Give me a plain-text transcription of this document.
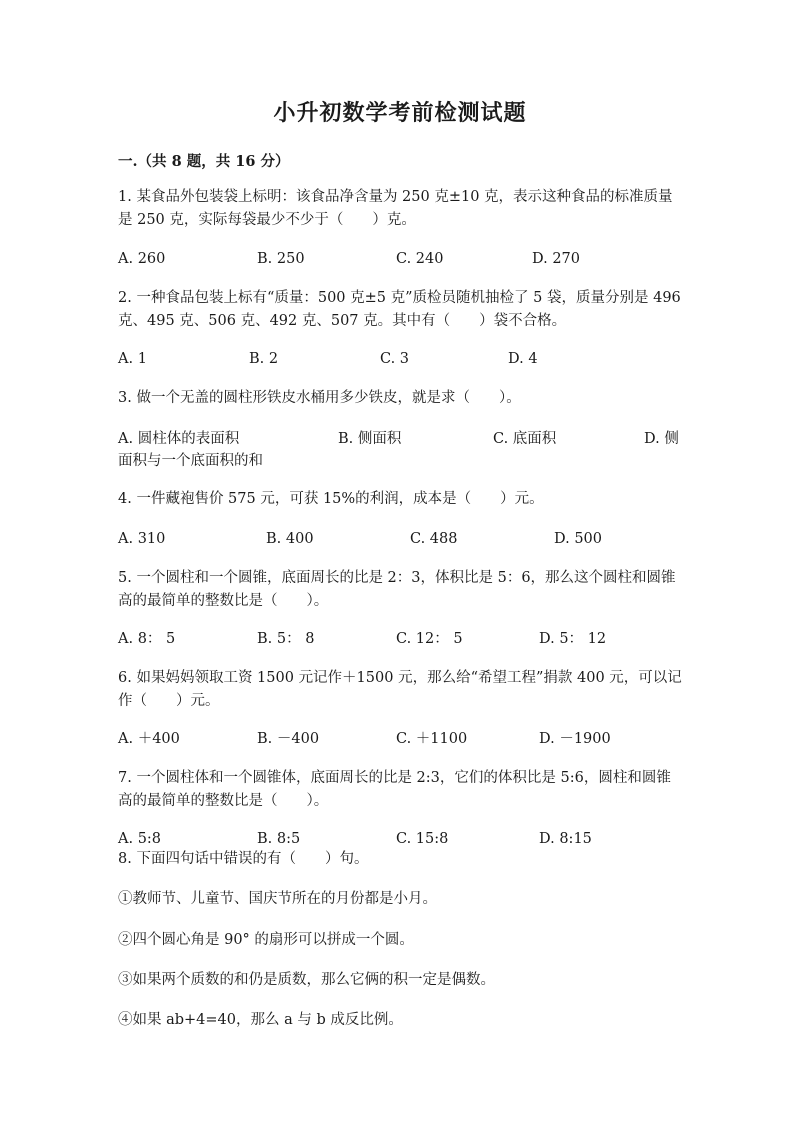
小升初数学考前检测试题
一.（共 8 题，共 16 分）
1. 某食品外包装袋上标明：该食品净含量为 250 克±10 克，表示这种食品的标准质量是 250 克，实际每袋最少不少于（　　）克。
A. 260	B. 250	C. 240	D. 270
2. 一种食品包装上标有“质量：500 克±5 克”质检员随机抽检了 5 袋，质量分别是 496 克、495 克、506 克、492 克、507 克。其中有（　　）袋不合格。
A. 1	B. 2	C. 3	D. 4
3. 做一个无盖的圆柱形铁皮水桶用多少铁皮，就是求（　　）。
A. 圆柱体的表面积	B. 侧面积	C. 底面积	D. 侧
面积与一个底面积的和
4. 一件藏袍售价 575 元，可获 15%的利润，成本是（　　）元。
A. 310	B. 400	C. 488	D. 500
5. 一个圆柱和一个圆锥，底面周长的比是 2：3，体积比是 5：6，那么这个圆柱和圆锥高的最简单的整数比是（　　）。
A. 8： 5	B. 5： 8	C. 12： 5	D. 5： 12
6. 如果妈妈领取工资 1500 元记作＋1500 元，那么给“希望工程”捐款 400 元，可以记作（　　）元。
A. ＋400	B. －400	C. ＋1100	D. －1900
7. 一个圆柱体和一个圆锥体，底面周长的比是 2:3，它们的体积比是 5:6，圆柱和圆锥高的最简单的整数比是（　　）。
A. 5:8	B. 8:5	C. 15:8	D. 8:15
8. 下面四句话中错误的有（　　）句。
①教师节、儿童节、国庆节所在的月份都是小月。
②四个圆心角是 90° 的扇形可以拼成一个圆。
③如果两个质数的和仍是质数，那么它俩的积一定是偶数。
④如果 ab+4=40，那么 a 与 b 成反比例。
